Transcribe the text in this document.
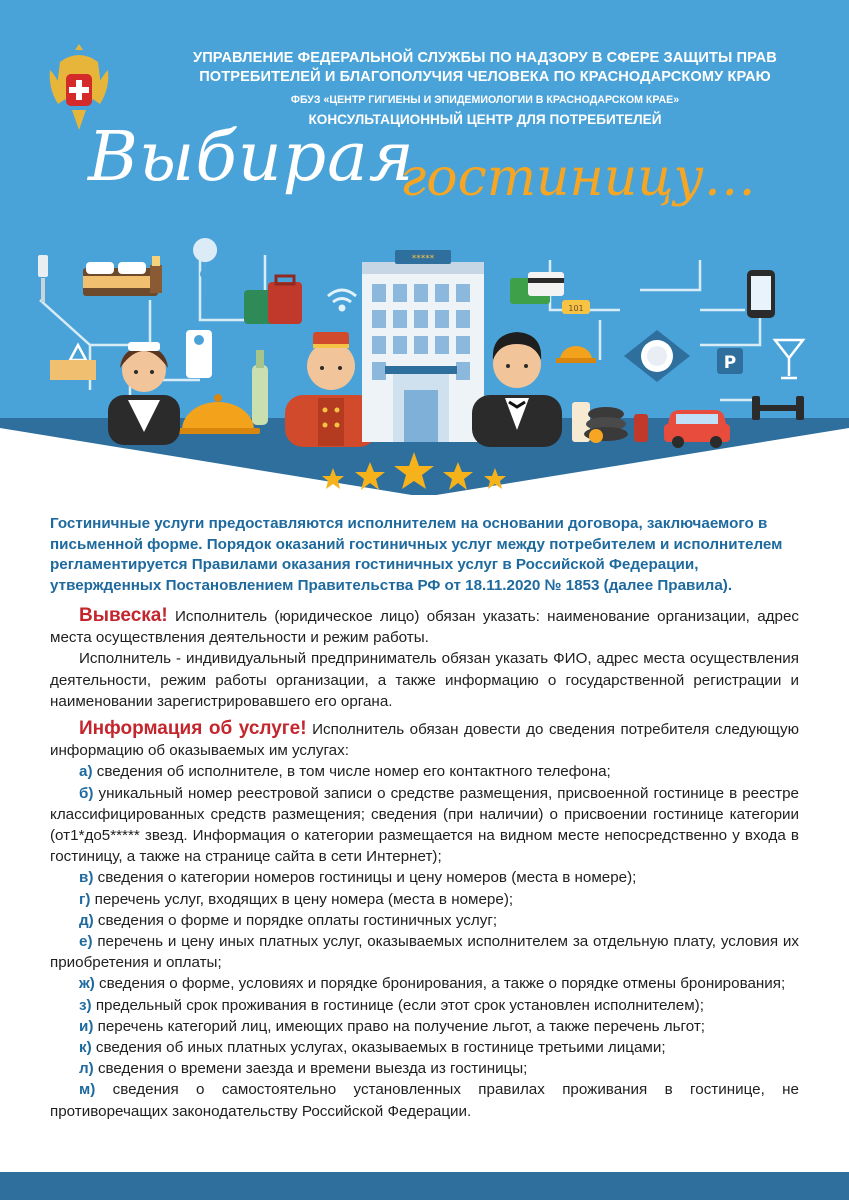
*****
101
P
УПРАВЛЕНИЕ ФЕДЕРАЛЬНОЙ СЛУЖБЫ ПО НАДЗОРУ В СФЕРЕ ЗАЩИТЫ ПРАВ
ПОТРЕБИТЕЛЕЙ И БЛАГОПОЛУЧИЯ ЧЕЛОВЕКА ПО КРАСНОДАРСКОМУ КРАЮ
ФБУЗ «ЦЕНТР ГИГИЕНЫ И ЭПИДЕМИОЛОГИИ В КРАСНОДАРСКОМ КРАЕ»
КОНСУЛЬТАЦИОННЫЙ ЦЕНТР ДЛЯ ПОТРЕБИТЕЛЕЙ
Выбирая
гостиницу…

Гостиничные услуги предоставляются исполнителем на основании договора, заключаемого в письменной форме. Порядок оказаний гостиничных услуг между потребителем и исполнителем регламентируется Правилами оказания гостиничных услуг в Российской Федерации, утвержденных Постановлением Правительства РФ от 18.11.2020 № 1853 (далее Правила).

Вывеска! Исполнитель (юридическое лицо) обязан указать: наименование организации, адрес места осуществления деятельности и режим работы.

Исполнитель - индивидуальный предприниматель обязан указать ФИО, адрес места осуществления деятельности, режим работы организации, а также информацию о государственной регистрации и наименовании зарегистрировавшего его органа.

Информация об услуге! Исполнитель обязан довести до сведения потребителя следующую информацию об оказываемых им услугах:

а) сведения об исполнителе, в том числе номер его контактного телефона;

б) уникальный номер реестровой записи о средстве размещения, присвоенной гостинице в реестре классифицированных средств размещения; сведения (при наличии) о присвоении гостинице категории (от1*до5***** звезд. Информация о категории размещается на видном месте непосредственно у входа в гостиницу, а также на странице сайта в сети Интернет);

в) сведения о категории номеров гостиницы и цену номеров (места в номере);

г) перечень услуг, входящих в цену номера (места в номере);

д) сведения о форме и порядке оплаты гостиничных услуг;

е) перечень и цену иных платных услуг, оказываемых исполнителем за отдельную плату, условия их приобретения и оплаты;

ж) сведения о форме, условиях и порядке бронирования, а также о порядке отмены бронирования;

з) предельный срок проживания в гостинице (если этот срок установлен исполнителем);

и) перечень категорий лиц, имеющих право на получение льгот, а также перечень льгот;

к) сведения об иных платных услугах, оказываемых в гостинице третьими лицами;

л) сведения о времени заезда и времени выезда из гостиницы;

м) сведения о самостоятельно установленных правилах проживания в гостинице, не противоречащих законодательству Российской Федерации.
